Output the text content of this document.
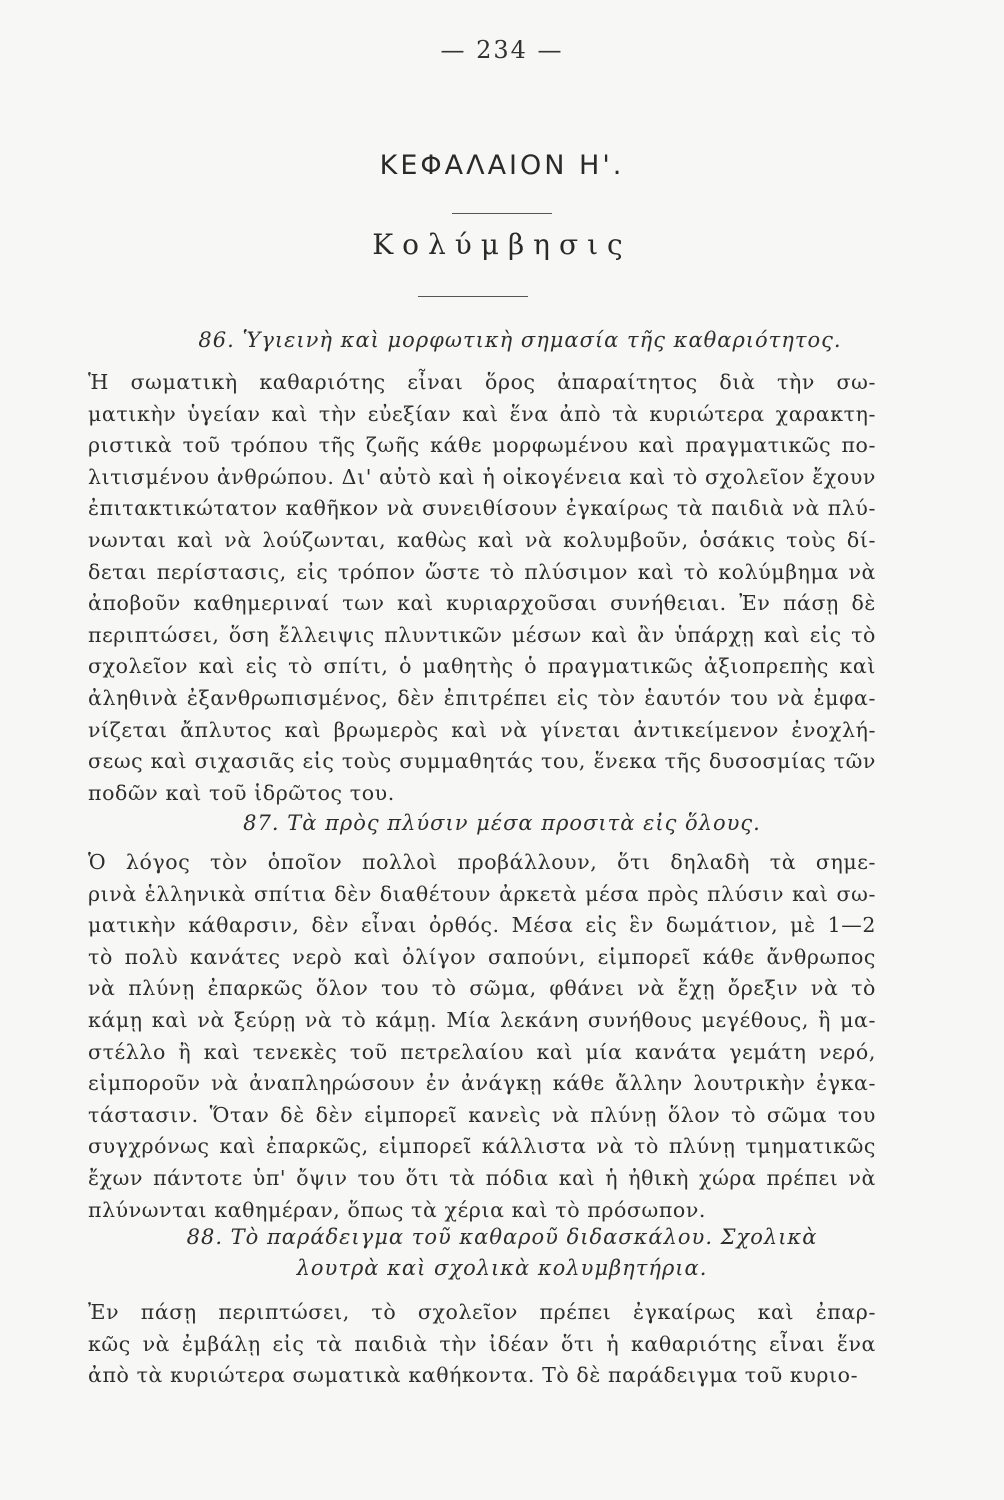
— 234 —
ΚΕΦΑΛΑΙΟΝ Η'.
Κολύμβησις
86. Ὑγιεινὴ καὶ μορφωτικὴ σημασία τῆς καθαριότητος.
Ἡ σωματικὴ καθαριότης εἶναι ὅρος ἀπαραίτητος διὰ τὴν σω-
ματικὴν ὑγείαν καὶ τὴν εὐεξίαν καὶ ἕνα ἀπὸ τὰ κυριώτερα χαρακτη-
ριστικὰ τοῦ τρόπου τῆς ζωῆς κάθε μορφωμένου καὶ πραγματικῶς πο-
λιτισμένου ἀνθρώπου. Δι' αὐτὸ καὶ ἡ οἰκογένεια καὶ τὸ σχολεῖον ἔχουν
ἐπιτακτικώτατον καθῆκον νὰ συνειθίσουν ἐγκαίρως τὰ παιδιὰ νὰ πλύ-
νωνται καὶ νὰ λούζωνται, καθὼς καὶ νὰ κολυμβοῦν, ὁσάκις τοὺς δί-
δεται περίστασις, εἰς τρόπον ὥστε τὸ πλύσιμον καὶ τὸ κολύμβημα νὰ
ἀποβοῦν καθημεριναί των καὶ κυριαρχοῦσαι συνήθειαι. Ἐν πάσῃ δὲ
περιπτώσει, ὅση ἔλλειψις πλυντικῶν μέσων καὶ ἂν ὑπάρχῃ καὶ εἰς τὸ
σχολεῖον καὶ εἰς τὸ σπίτι, ὁ μαθητὴς ὁ πραγματικῶς ἀξιοπρεπὴς καὶ
ἀληθινὰ ἐξανθρωπισμένος, δὲν ἐπιτρέπει εἰς τὸν ἑαυτόν του νὰ ἐμφα-
νίζεται ἄπλυτος καὶ βρωμερὸς καὶ νὰ γίνεται ἀντικείμενον ἐνοχλή-
σεως καὶ σιχασιᾶς εἰς τοὺς συμμαθητάς του, ἕνεκα τῆς δυσοσμίας τῶν
ποδῶν καὶ τοῦ ἱδρῶτος του.
87. Τὰ πρὸς πλύσιν μέσα προσιτὰ εἰς ὅλους.
Ὁ λόγος τὸν ὁποῖον πολλοὶ προβάλλουν, ὅτι δηλαδὴ τὰ σημε-
ρινὰ ἑλληνικὰ σπίτια δὲν διαθέτουν ἀρκετὰ μέσα πρὸς πλύσιν καὶ σω-
ματικὴν κάθαρσιν, δὲν εἶναι ὀρθός. Μέσα εἰς ἓν δωμάτιον, μὲ 1—2
τὸ πολὺ κανάτες νερὸ καὶ ὀλίγον σαπούνι, εἱμπορεῖ κάθε ἄνθρωπος
νὰ πλύνῃ ἐπαρκῶς ὅλον του τὸ σῶμα, φθάνει νὰ ἔχῃ ὄρεξιν νὰ τὸ
κάμῃ καὶ νὰ ξεύρῃ νὰ τὸ κάμῃ. Μία λεκάνη συνήθους μεγέθους, ἢ μα-
στέλλο ἢ καὶ τενεκὲς τοῦ πετρελαίου καὶ μία κανάτα γεμάτη νερό,
εἱμποροῦν νὰ ἀναπληρώσουν ἐν ἀνάγκῃ κάθε ἄλλην λουτρικὴν ἐγκα-
τάστασιν. Ὅταν δὲ δὲν εἱμπορεῖ κανεὶς νὰ πλύνῃ ὅλον τὸ σῶμα του
συγχρόνως καὶ ἐπαρκῶς, εἱμπορεῖ κάλλιστα νὰ τὸ πλύνῃ τμηματικῶς
ἔχων πάντοτε ὑπ' ὄψιν του ὅτι τὰ πόδια καὶ ἡ ἠθικὴ χώρα πρέπει νὰ
πλύνωνται καθημέραν, ὅπως τὰ χέρια καὶ τὸ πρόσωπον.
88. Τὸ παράδειγμα τοῦ καθαροῦ διδασκάλου. Σχολικὰ
λουτρὰ καὶ σχολικὰ κολυμβητήρια.
Ἐν πάσῃ περιπτώσει, τὸ σχολεῖον πρέπει ἐγκαίρως καὶ ἐπαρ-
κῶς νὰ ἐμβάλῃ εἰς τὰ παιδιὰ τὴν ἰδέαν ὅτι ἡ καθαριότης εἶναι ἕνα
ἀπὸ τὰ κυριώτερα σωματικὰ καθήκοντα. Τὸ δὲ παράδειγμα τοῦ κυριο-
